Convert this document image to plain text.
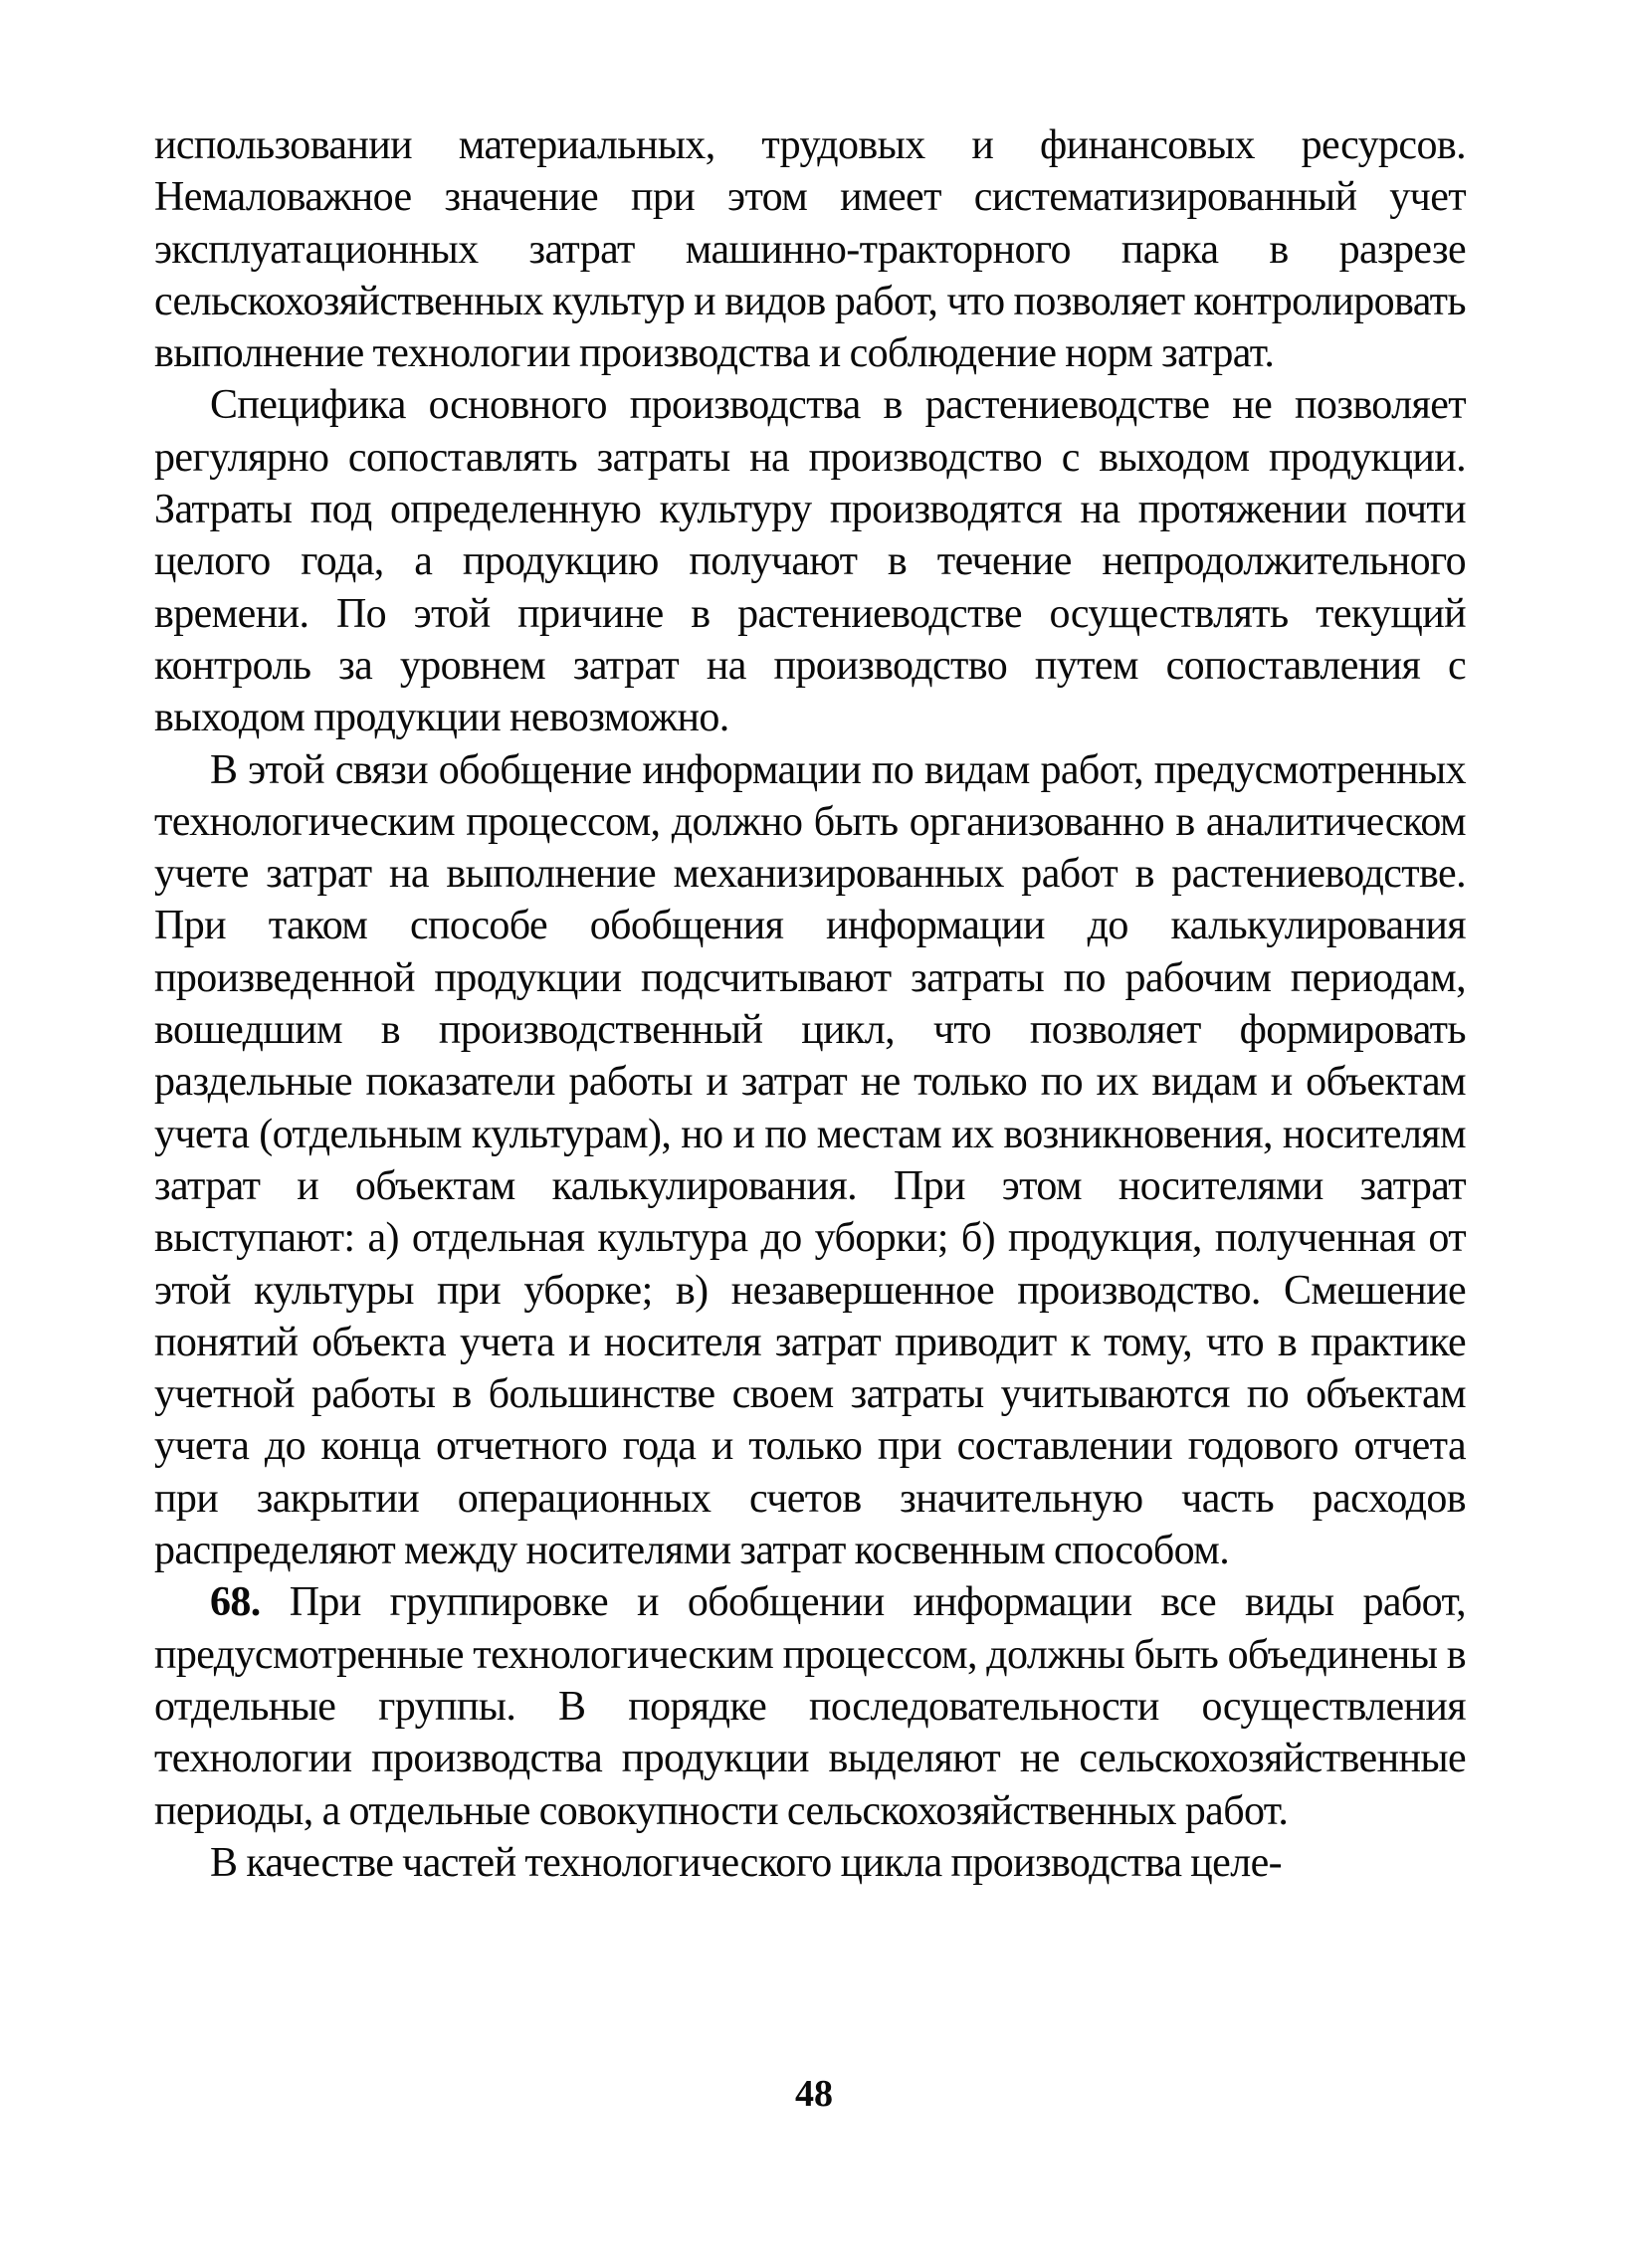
использовании материальных, трудовых и финансовых ресурсов. Немаловажное значение при этом имеет систематизированный учет эксплуатационных затрат машинно-тракторного парка в разрезе сельскохозяйственных культур и видов работ, что позволяет контролировать выполнение технологии производства и соблюдение норм затрат.

Специфика основного производства в растениеводстве не позволяет регулярно сопоставлять затраты на производство с выходом продукции. Затраты под определенную культуру производятся на протяжении почти целого года, а продукцию получают в течение непродолжительного времени. По этой причине в растениеводстве осуществлять текущий контроль за уровнем затрат на производство путем сопоставления с выходом продукции невозможно.

В этой связи обобщение информации по видам работ, предусмотренных технологическим процессом, должно быть организованно в аналитическом учете затрат на выполнение механизированных работ в растениеводстве. При таком способе обобщения информации до калькулирования произведенной продукции подсчитывают затраты по рабочим периодам, вошедшим в производственный цикл, что позволяет формировать раздельные показатели работы и затрат не только по их видам и объектам учета (отдельным культурам), но и по местам их возникновения, носителям затрат и объектам калькулирования. При этом носителями затрат выступают: а) отдельная культура до уборки; б) продукция, полученная от этой культуры при уборке; в) незавершенное производство. Смешение понятий объекта учета и носителя затрат приводит к тому, что в практике учетной работы в большинстве своем затраты учитываются по объектам учета до конца отчетного года и только при составлении годового отчета при закрытии операционных счетов значительную часть расходов распределяют между носителями затрат косвенным способом.

68. При группировке и обобщении информации все виды работ, предусмотренные технологическим процессом, должны быть объединены в отдельные группы. В порядке последовательности осуществления технологии производства продукции выделяют не сельскохозяйственные периоды, а отдельные совокупности сельскохозяйственных работ.

В качестве частей технологического цикла производства целе-

48
